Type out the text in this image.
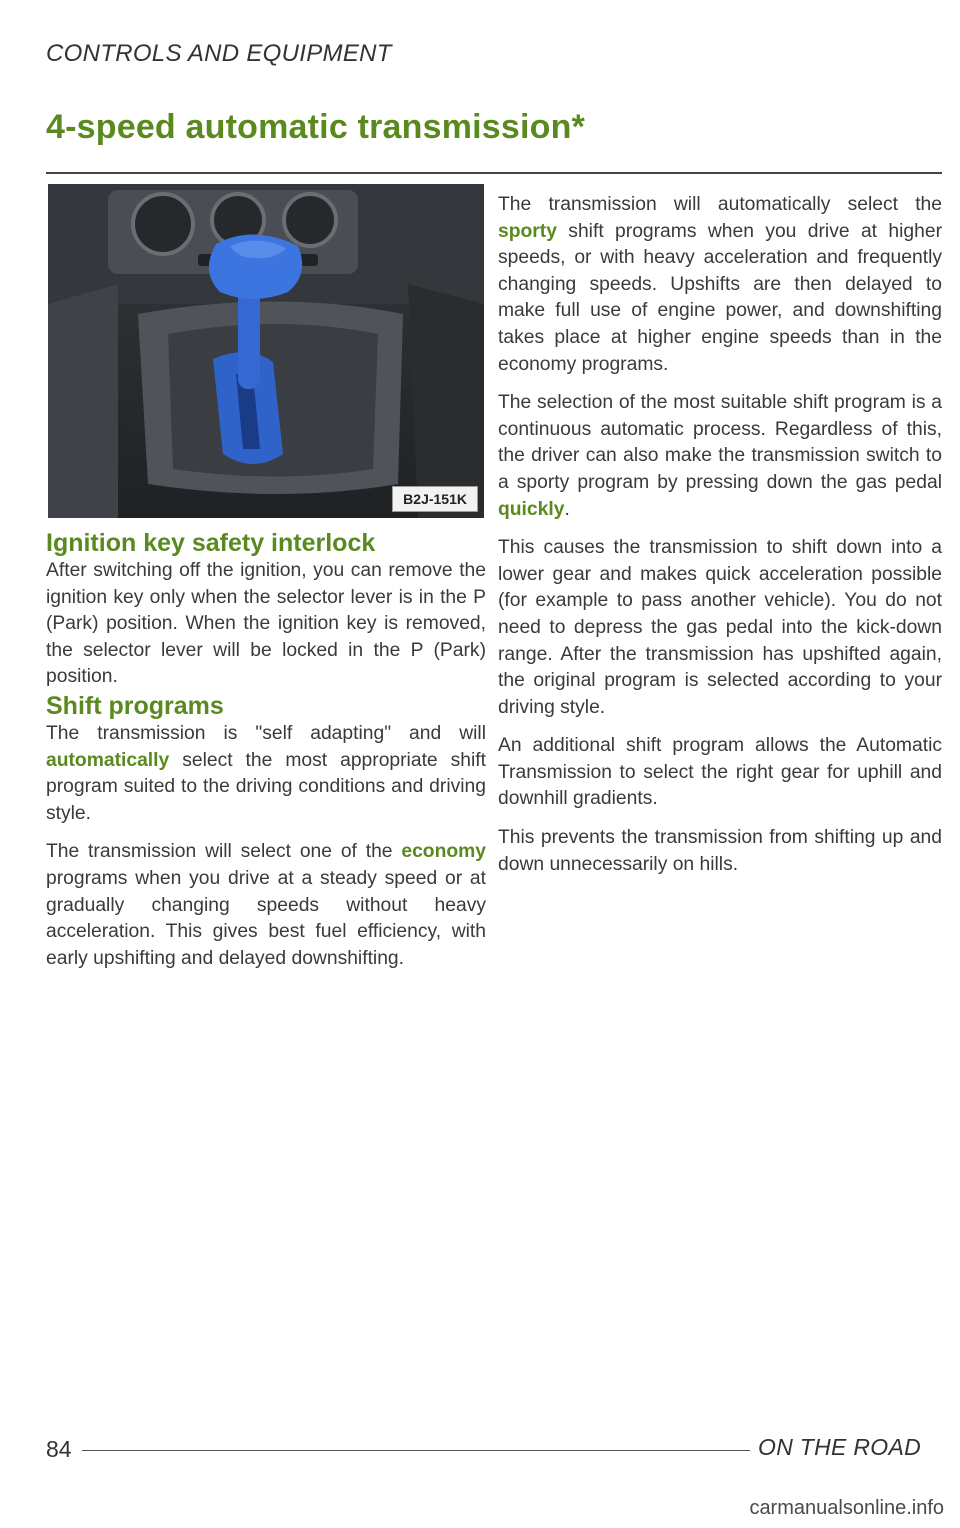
CONTROLS AND EQUIPMENT
4-speed automatic transmission*
B2J-151K
Ignition key safety interlock

After switching off the ignition, you can remove the ignition key only when the selector lever is in the P (Park) position. When the ignition key is removed, the selector lever will be locked in the P (Park) position.

Shift programs

The transmission is "self adapting" and will automatically select the most appropriate shift program suited to the driving conditions and driving style.

The transmission will select one of the economy programs when you drive at a steady speed or at gradually changing speeds without heavy acceleration. This gives best fuel efficiency, with early upshifting and delayed downshifting.

The transmission will automatically select the sporty shift programs when you drive at higher speeds, or with heavy acceleration and frequently changing speeds. Upshifts are then delayed to make full use of engine power, and downshifting takes place at higher engine speeds than in the economy programs.

The selection of the most suitable shift program is a continuous automatic process. Regardless of this, the driver can also make the transmission switch to a sporty program by pressing down the gas pedal quickly.

This causes the transmission to shift down into a lower gear and makes quick acceleration possible (for example to pass another vehicle). You do not need to depress the gas pedal into the kick-down range. After the transmission has upshifted again, the original program is selected according to your driving style.

An additional shift program allows the Automatic Transmission to select the right gear for uphill and downhill gradients.

This prevents the transmission from shifting up and down unnecessarily on hills.

84	ON THE ROAD
carmanualsonline.info
